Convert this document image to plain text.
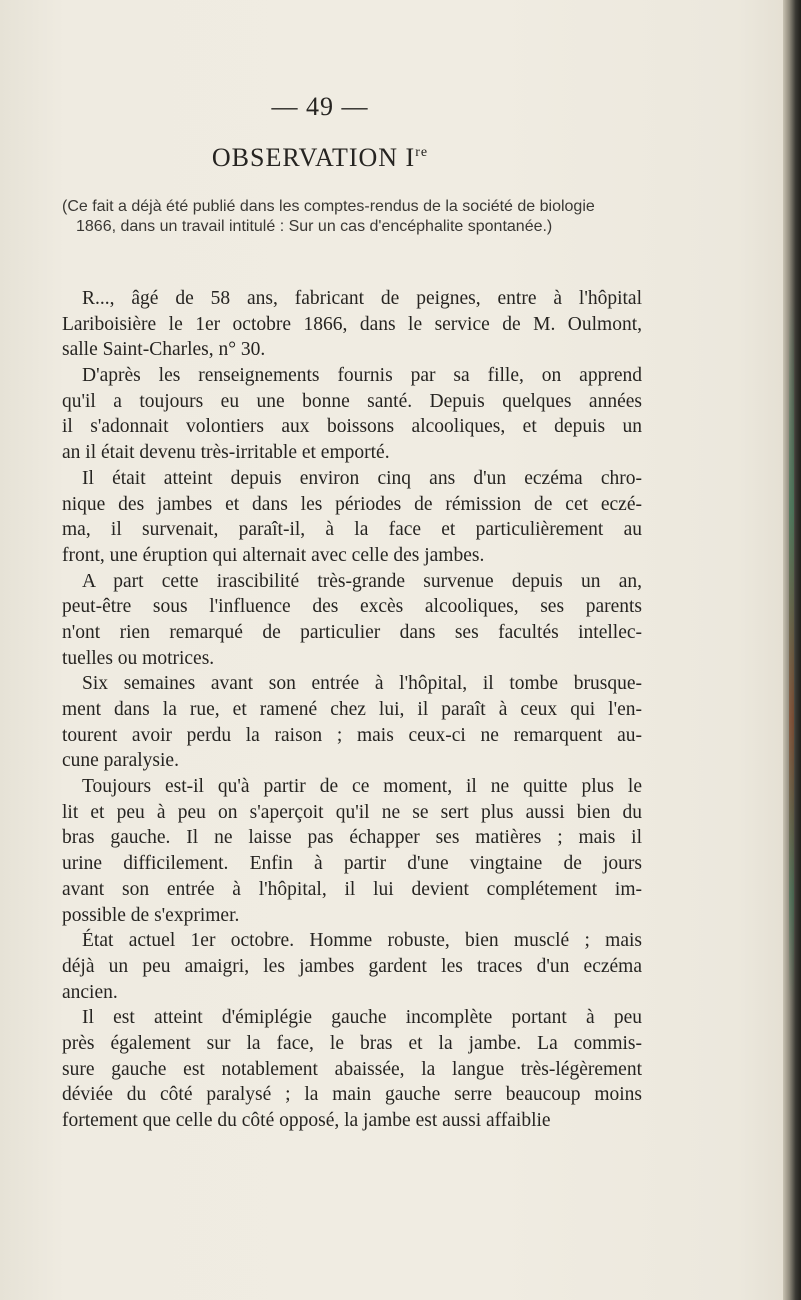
— 49 —
OBSERVATION Ire
(Ce fait a déjà été publié dans les comptes-rendus de la société de biologie
1866, dans un travail intitulé : Sur un cas d'encéphalite spontanée.)
R..., âgé de 58 ans, fabricant de peignes, entre à l'hôpital
Lariboisière le 1er octobre 1866, dans le service de M. Oulmont,
salle Saint-Charles, n° 30.
D'après les renseignements fournis par sa fille, on apprend
qu'il a toujours eu une bonne santé. Depuis quelques années
il s'adonnait volontiers aux boissons alcooliques, et depuis un
an il était devenu très-irritable et emporté.
Il était atteint depuis environ cinq ans d'un eczéma chro-
nique des jambes et dans les périodes de rémission de cet eczé-
ma, il survenait, paraît-il, à la face et particulièrement au
front, une éruption qui alternait avec celle des jambes.
A part cette irascibilité très-grande survenue depuis un an,
peut-être sous l'influence des excès alcooliques, ses parents
n'ont rien remarqué de particulier dans ses facultés intellec-
tuelles ou motrices.
Six semaines avant son entrée à l'hôpital, il tombe brusque-
ment dans la rue, et ramené chez lui, il paraît à ceux qui l'en-
tourent avoir perdu la raison ; mais ceux-ci ne remarquent au-
cune paralysie.
Toujours est-il qu'à partir de ce moment, il ne quitte plus le
lit et peu à peu on s'aperçoit qu'il ne se sert plus aussi bien du
bras gauche. Il ne laisse pas échapper ses matières ; mais il
urine difficilement. Enfin à partir d'une vingtaine de jours
avant son entrée à l'hôpital, il lui devient complétement im-
possible de s'exprimer.
État actuel 1er octobre. Homme robuste, bien musclé ; mais
déjà un peu amaigri, les jambes gardent les traces d'un eczéma
ancien.
Il est atteint d'émiplégie gauche incomplète portant à peu
près également sur la face, le bras et la jambe. La commis-
sure gauche est notablement abaissée, la langue très-légèrement
déviée du côté paralysé ; la main gauche serre beaucoup moins
fortement que celle du côté opposé, la jambe est aussi affaiblie
